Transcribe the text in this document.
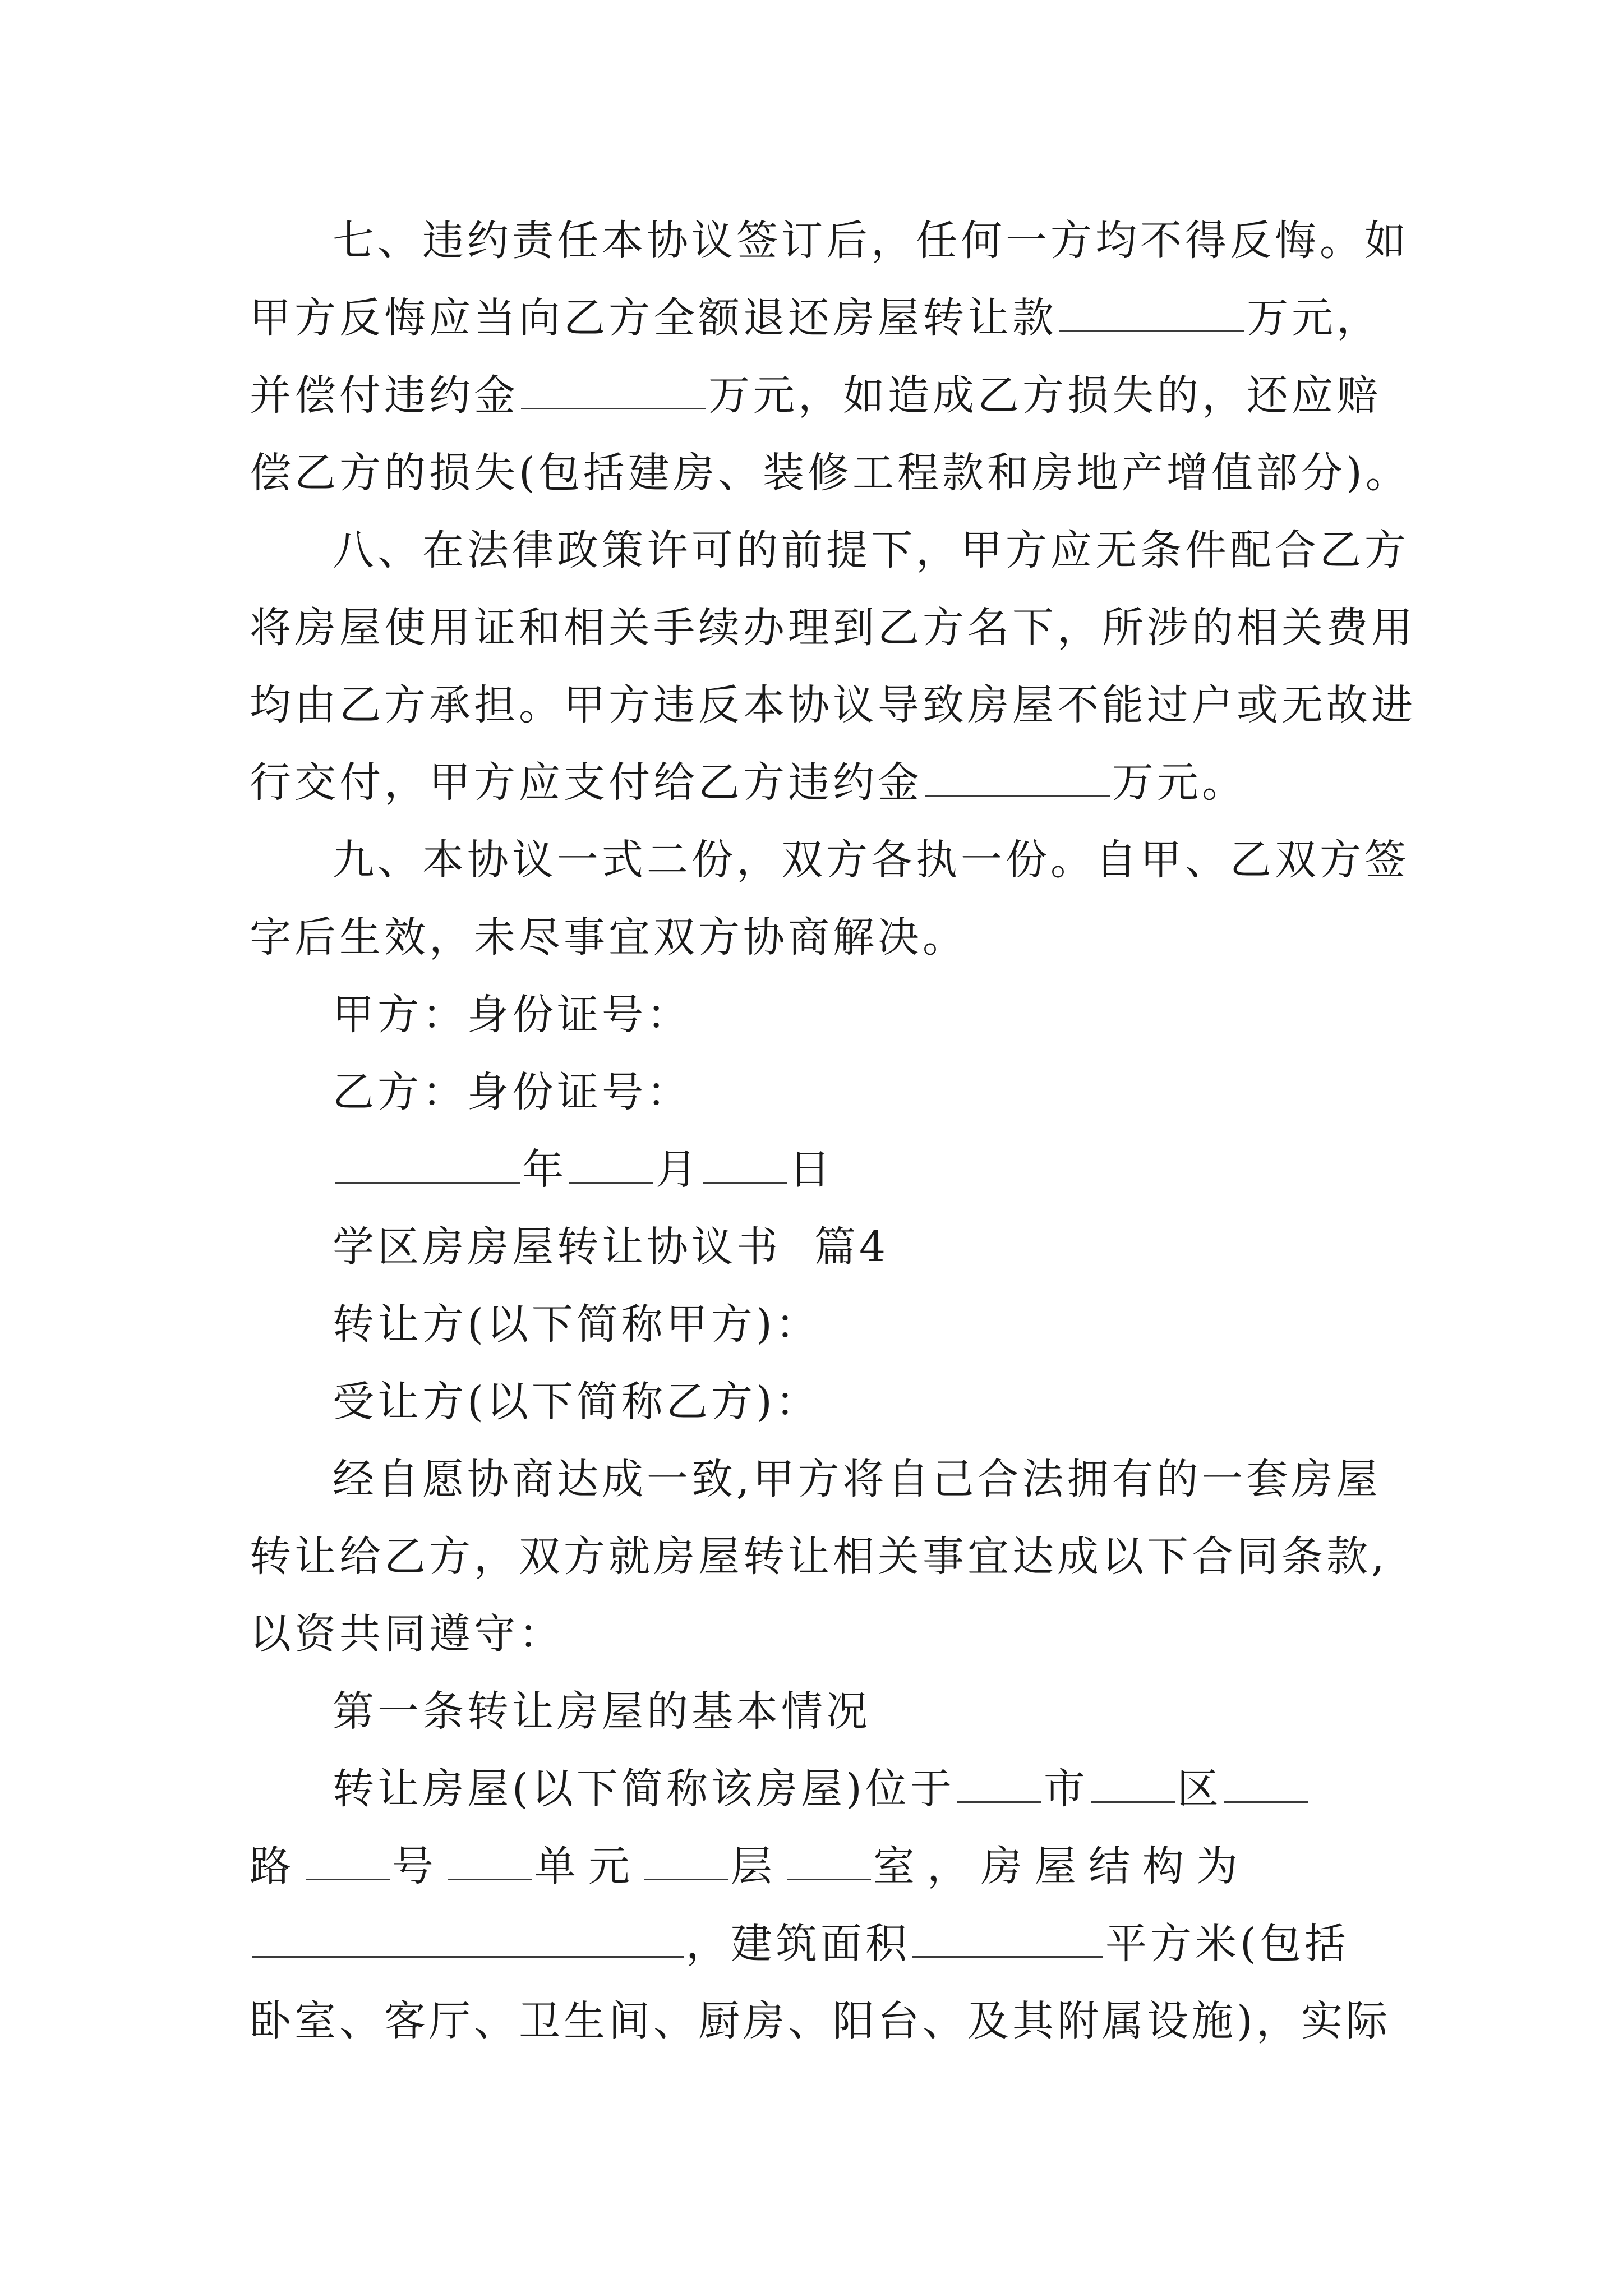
七、违约责任本协议签订后，任何一方均不得反悔。如
甲方反悔应当向乙方全额退还房屋转让款	万元，
并偿付违约金	万元，如造成乙方损失的，还应赔
偿乙方的损失(包括建房、装修工程款和房地产增值部分)。

八、在法律政策许可的前提下，甲方应无条件配合乙方
将房屋使用证和相关手续办理到乙方名下，所涉的相关费用
均由乙方承担。甲方违反本协议导致房屋不能过户或无故进
行交付，甲方应支付给乙方违约金	万元。

九、本协议一式二份，双方各执一份。自甲、乙双方签
字后生效，未尽事宜双方协商解决。

甲方：身份证号：
乙方：身份证号：
年 月 日
学区房房屋转让协议书  篇4
转让方(以下简称甲方)：
受让方(以下简称乙方)：

经自愿协商达成一致,甲方将自己合法拥有的一套房屋
转让给乙方，双方就房屋转让相关事宜达成以下合同条款,
以资共同遵守：

第一条转让房屋的基本情况

转让房屋(以下简称该房屋)位于 市 区
路 号 单元 层 室，房屋结构为
，建筑面积	平方米(包括
卧室、客厅、卫生间、厨房、阳台、及其附属设施)，实际
